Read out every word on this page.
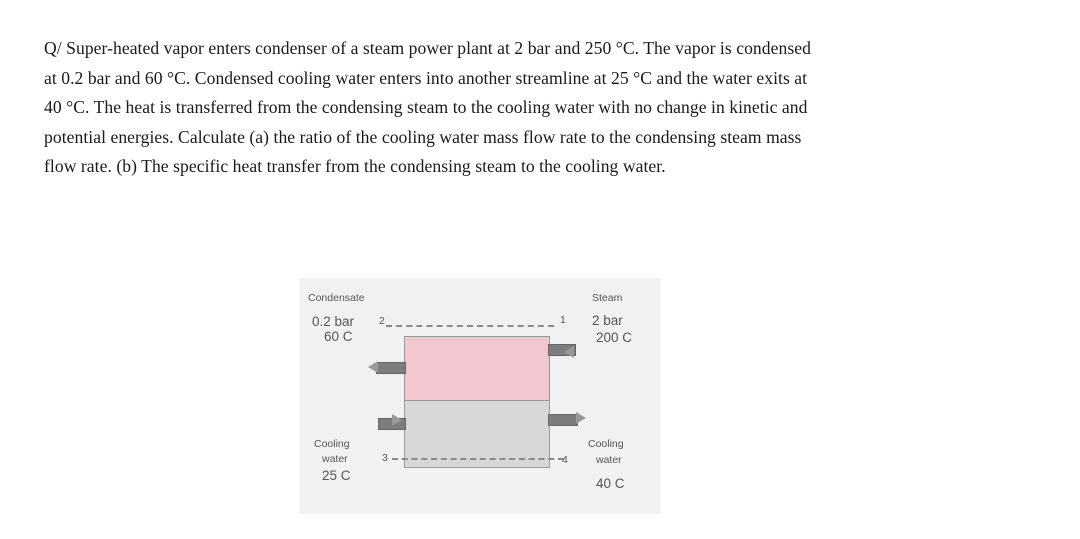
Q/ Super-heated vapor enters condenser of a steam power plant at 2 bar and 250 °C. The vapor is condensed
at 0.2 bar and 60 °C. Condensed cooling water enters into another streamline at 25 °C and the water exits at
40 °C. The heat is transferred from the condensing steam to the cooling water with no change in kinetic and
potential energies. Calculate (a) the ratio of the cooling water mass flow rate to the condensing steam mass
flow rate. (b) The specific heat transfer from the condensing steam to the cooling water.
Condensate
0.2 bar
60 C
2
Cooling
water
25 C
3
Steam
2 bar
200 C
1
Cooling
water
40 C
4
